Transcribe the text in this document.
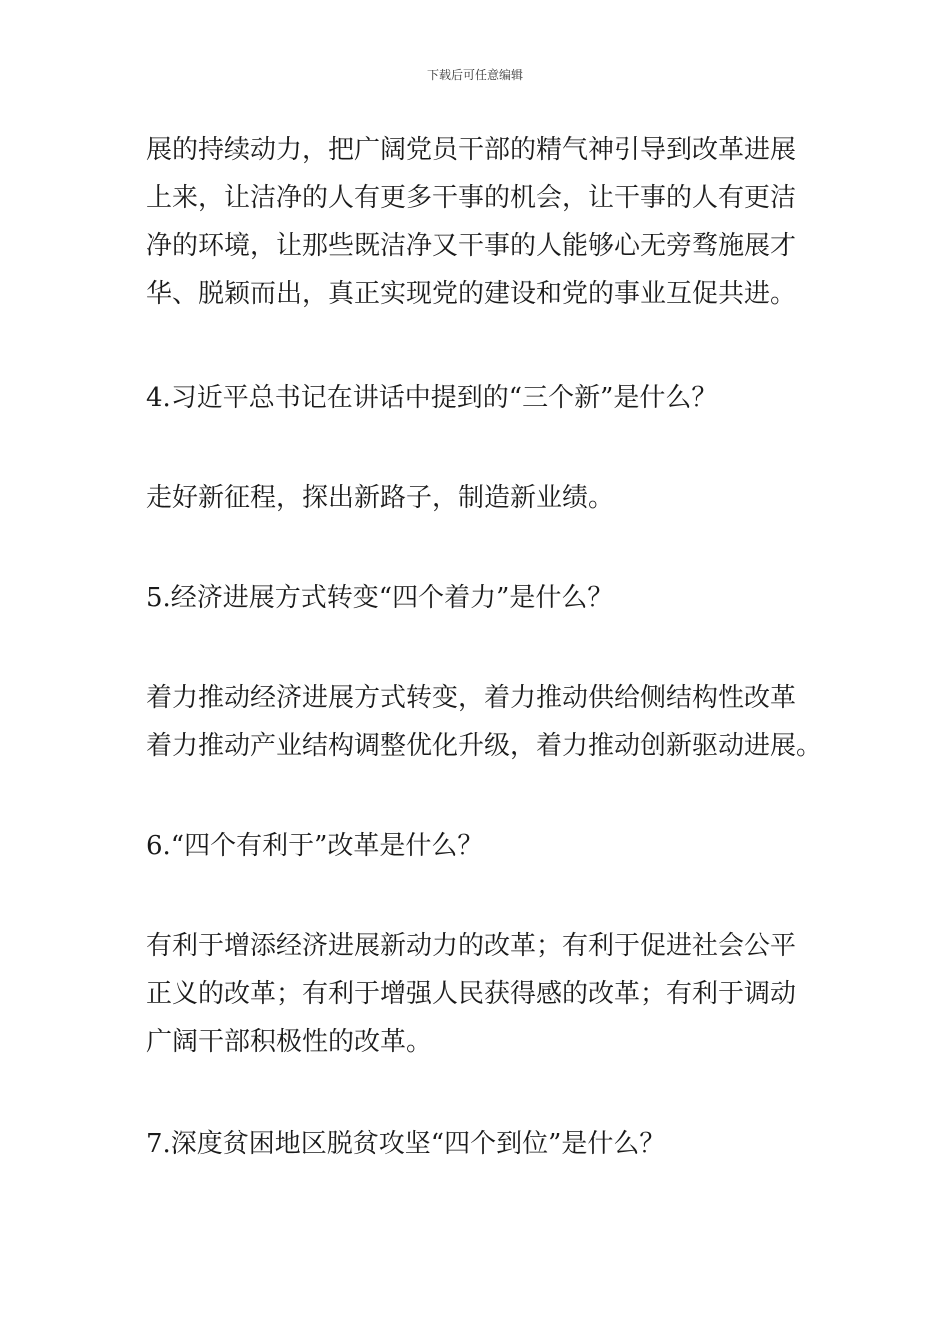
下载后可任意编辑

展的持续动力，把广阔党员干部的精气神引导到改革进展
上来，让洁净的人有更多干事的机会，让干事的人有更洁
净的环境，让那些既洁净又干事的人能够心无旁骛施展才
华、脱颖而出，真正实现党的建设和党的事业互促共进。

4.习近平总书记在讲话中提到的“三个新”是什么？

走好新征程，探出新路子，制造新业绩。

5.经济进展方式转变“四个着力”是什么？

着力推动经济进展方式转变，着力推动供给侧结构性改革
着力推动产业结构调整优化升级，着力推动创新驱动进展。

6.“四个有利于”改革是什么？

有利于增添经济进展新动力的改革；有利于促进社会公平
正义的改革；有利于增强人民获得感的改革；有利于调动
广阔干部积极性的改革。

7.深度贫困地区脱贫攻坚“四个到位”是什么？
